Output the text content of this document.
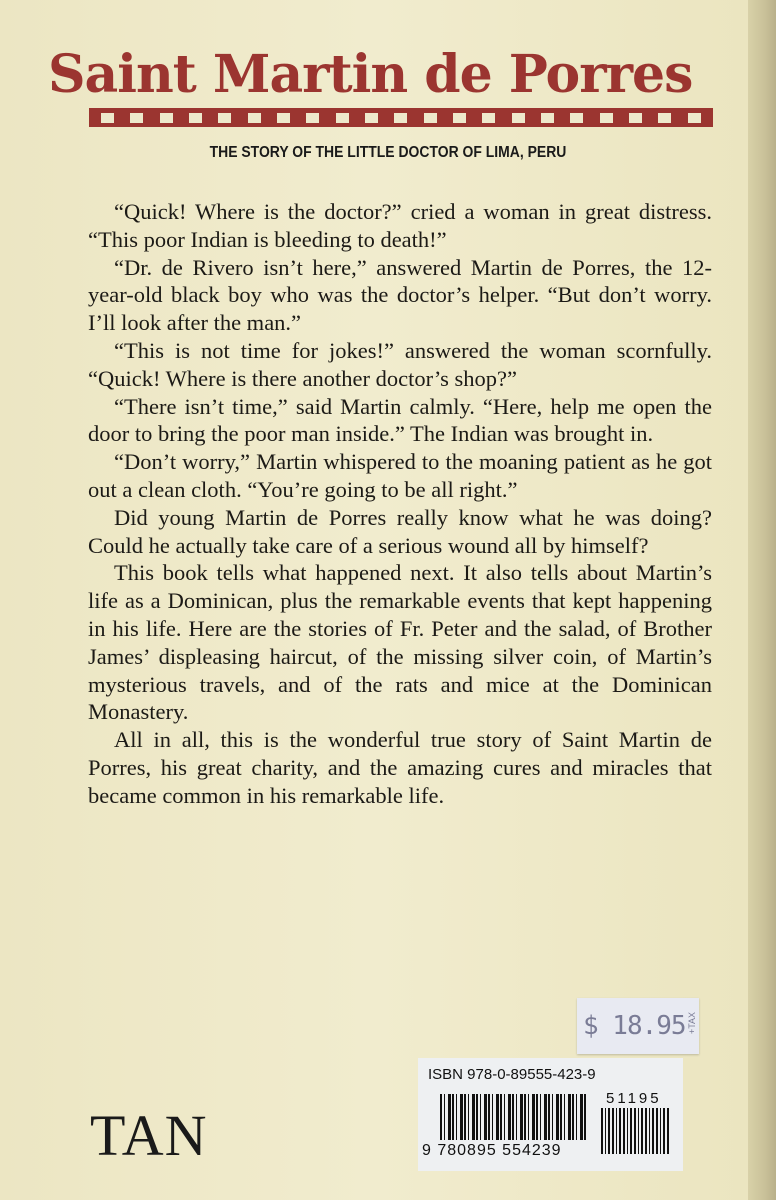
Saint Martin de Porres
THE STORY OF THE LITTLE DOCTOR OF LIMA, PERU

“Quick! Where is the doctor?” cried a woman in great distress. “This poor Indian is bleeding to death!”

“Dr. de Rivero isn’t here,” answered Martin de Porres, the 12-year-old black boy who was the doctor’s helper. “But don’t worry. I’ll look after the man.”

“This is not time for jokes!” answered the woman scornfully. “Quick! Where is there another doctor’s shop?”

“There isn’t time,” said Martin calmly. “Here, help me open the door to bring the poor man inside.” The Indian was brought in.

“Don’t worry,” Martin whispered to the moaning patient as he got out a clean cloth. “You’re going to be all right.”

Did young Martin de Porres really know what he was doing? Could he actually take care of a serious wound all by himself?

This book tells what happened next. It also tells about Martin’s life as a Dominican, plus the remarkable events that kept happening in his life. Here are the stories of Fr. Peter and the salad, of Brother James’ displeasing haircut, of the missing silver coin, of Martin’s mysterious travels, and of the rats and mice at the Dominican Monastery.

All in all, this is the wonderful true story of Saint Martin de Porres, his great charity, and the amazing cures and miracles that became common in his remarkable life.

TAN
ISBN 978-0-89555-423-9
9 780895 554239
51195
$ 18.95 +TAX
